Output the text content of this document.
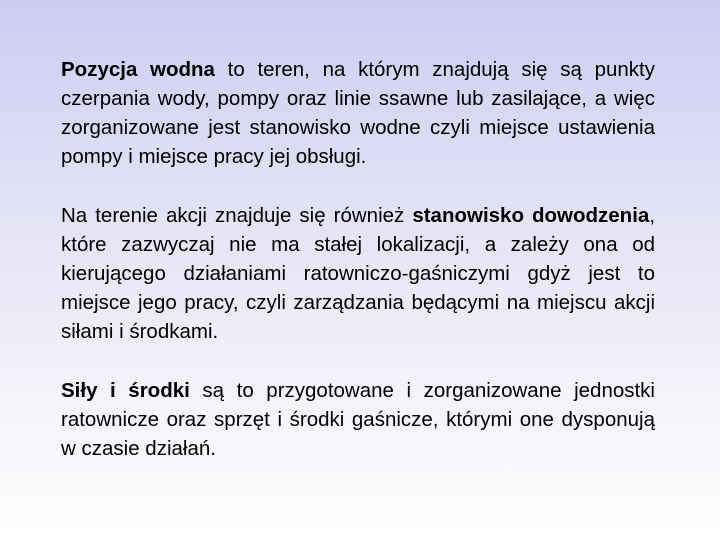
Pozycja wodna to teren, na którym znajdują się są punkty czerpania wody, pompy oraz linie ssawne lub zasilające, a więc zorganizowane jest stanowisko wodne czyli miejsce ustawienia pompy i miejsce pracy jej obsługi.

Na terenie akcji znajduje się również stanowisko dowodzenia, które zazwyczaj nie ma stałej lokalizacji, a zależy ona od kierującego działaniami ratowniczo-gaśniczymi gdyż jest to miejsce jego pracy, czyli zarządzania będącymi na miejscu akcji siłami i środkami.

Siły i środki są to przygotowane i zorganizowane jednostki ratownicze oraz sprzęt i środki gaśnicze, którymi one dysponują w czasie działań.
